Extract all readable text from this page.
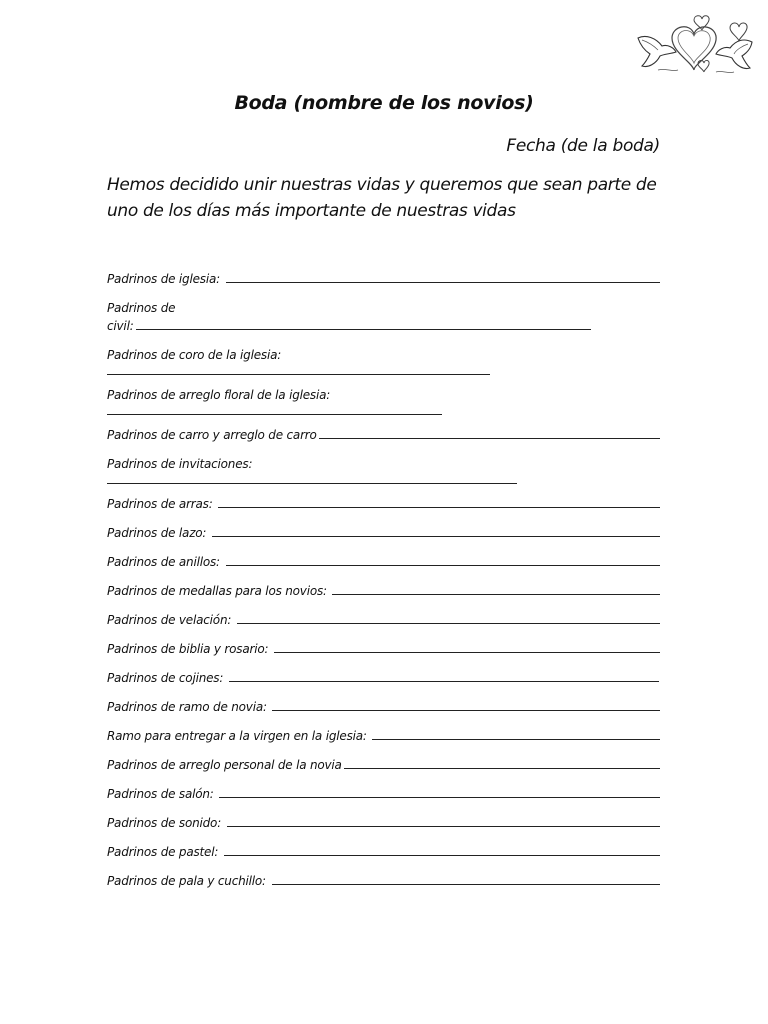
Boda (nombre de los novios)
Fecha (de la boda)
Hemos decidido unir nuestras vidas y queremos que sean parte de
uno de los días más importante de nuestras vidas
Padrinos de iglesia:
Padrinos de
civil:
Padrinos de coro de la iglesia:
Padrinos de arreglo floral de la iglesia:
Padrinos de carro y arreglo de carro
Padrinos de invitaciones:
Padrinos de arras:
Padrinos de lazo:
Padrinos de anillos:
Padrinos de medallas para los novios:
Padrinos de velación:
Padrinos de biblia y rosario:
Padrinos de cojines:
Padrinos de ramo de novia:
Ramo para entregar a la virgen en la iglesia:
Padrinos de arreglo personal de la novia
Padrinos de salón:
Padrinos de sonido:
Padrinos de pastel:
Padrinos de pala y cuchillo:
